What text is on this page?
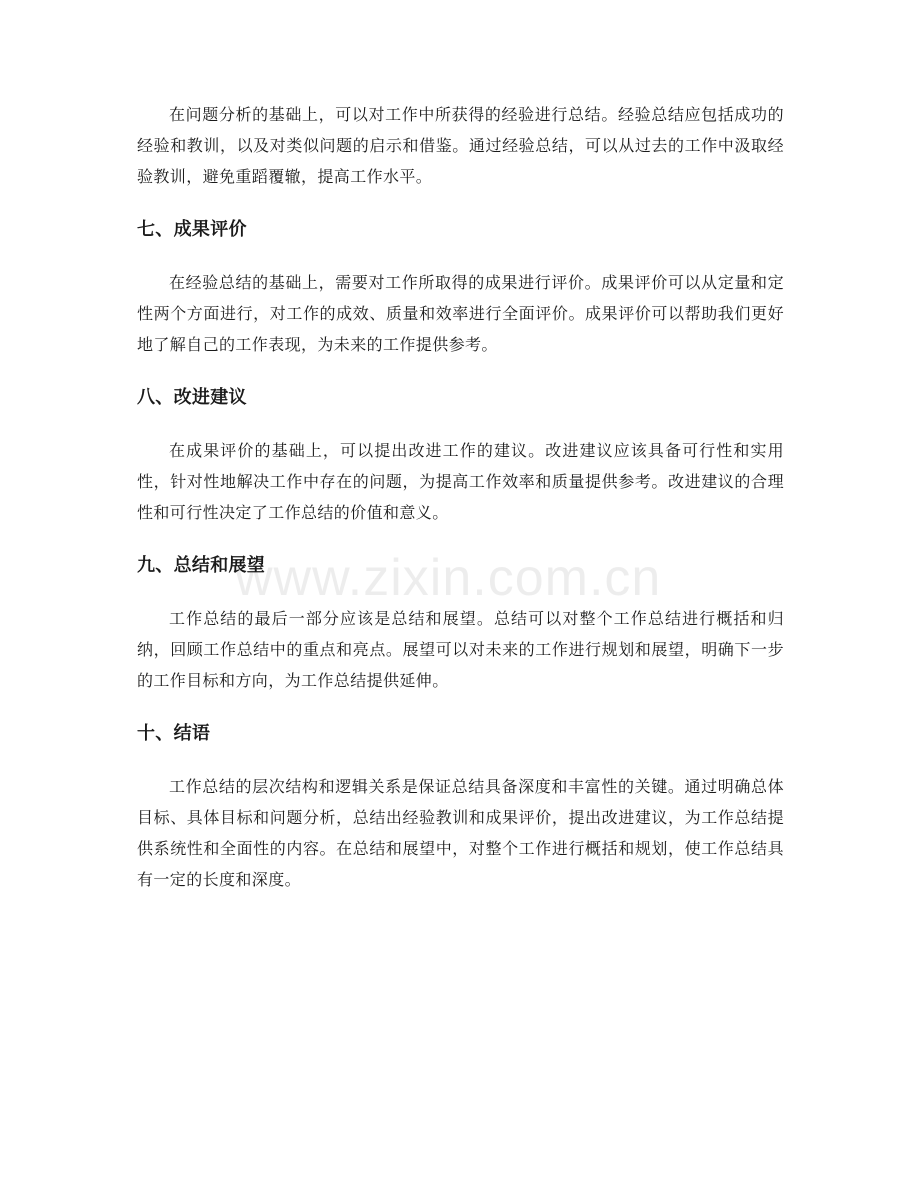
在问题分析的基础上，可以对工作中所获得的经验进行总结。经验总结应包括成功的经验和教训，以及对类似问题的启示和借鉴。通过经验总结，可以从过去的工作中汲取经验教训，避免重蹈覆辙，提高工作水平。

七、成果评价

在经验总结的基础上，需要对工作所取得的成果进行评价。成果评价可以从定量和定性两个方面进行，对工作的成效、质量和效率进行全面评价。成果评价可以帮助我们更好地了解自己的工作表现，为未来的工作提供参考。

八、改进建议

在成果评价的基础上，可以提出改进工作的建议。改进建议应该具备可行性和实用性，针对性地解决工作中存在的问题，为提高工作效率和质量提供参考。改进建议的合理性和可行性决定了工作总结的价值和意义。

九、总结和展望

工作总结的最后一部分应该是总结和展望。总结可以对整个工作总结进行概括和归纳，回顾工作总结中的重点和亮点。展望可以对未来的工作进行规划和展望，明确下一步的工作目标和方向，为工作总结提供延伸。

十、结语

工作总结的层次结构和逻辑关系是保证总结具备深度和丰富性的关键。通过明确总体目标、具体目标和问题分析，总结出经验教训和成果评价，提出改进建议，为工作总结提供系统性和全面性的内容。在总结和展望中，对整个工作进行概括和规划，使工作总结具有一定的长度和深度。

www.zixin.com.cn
